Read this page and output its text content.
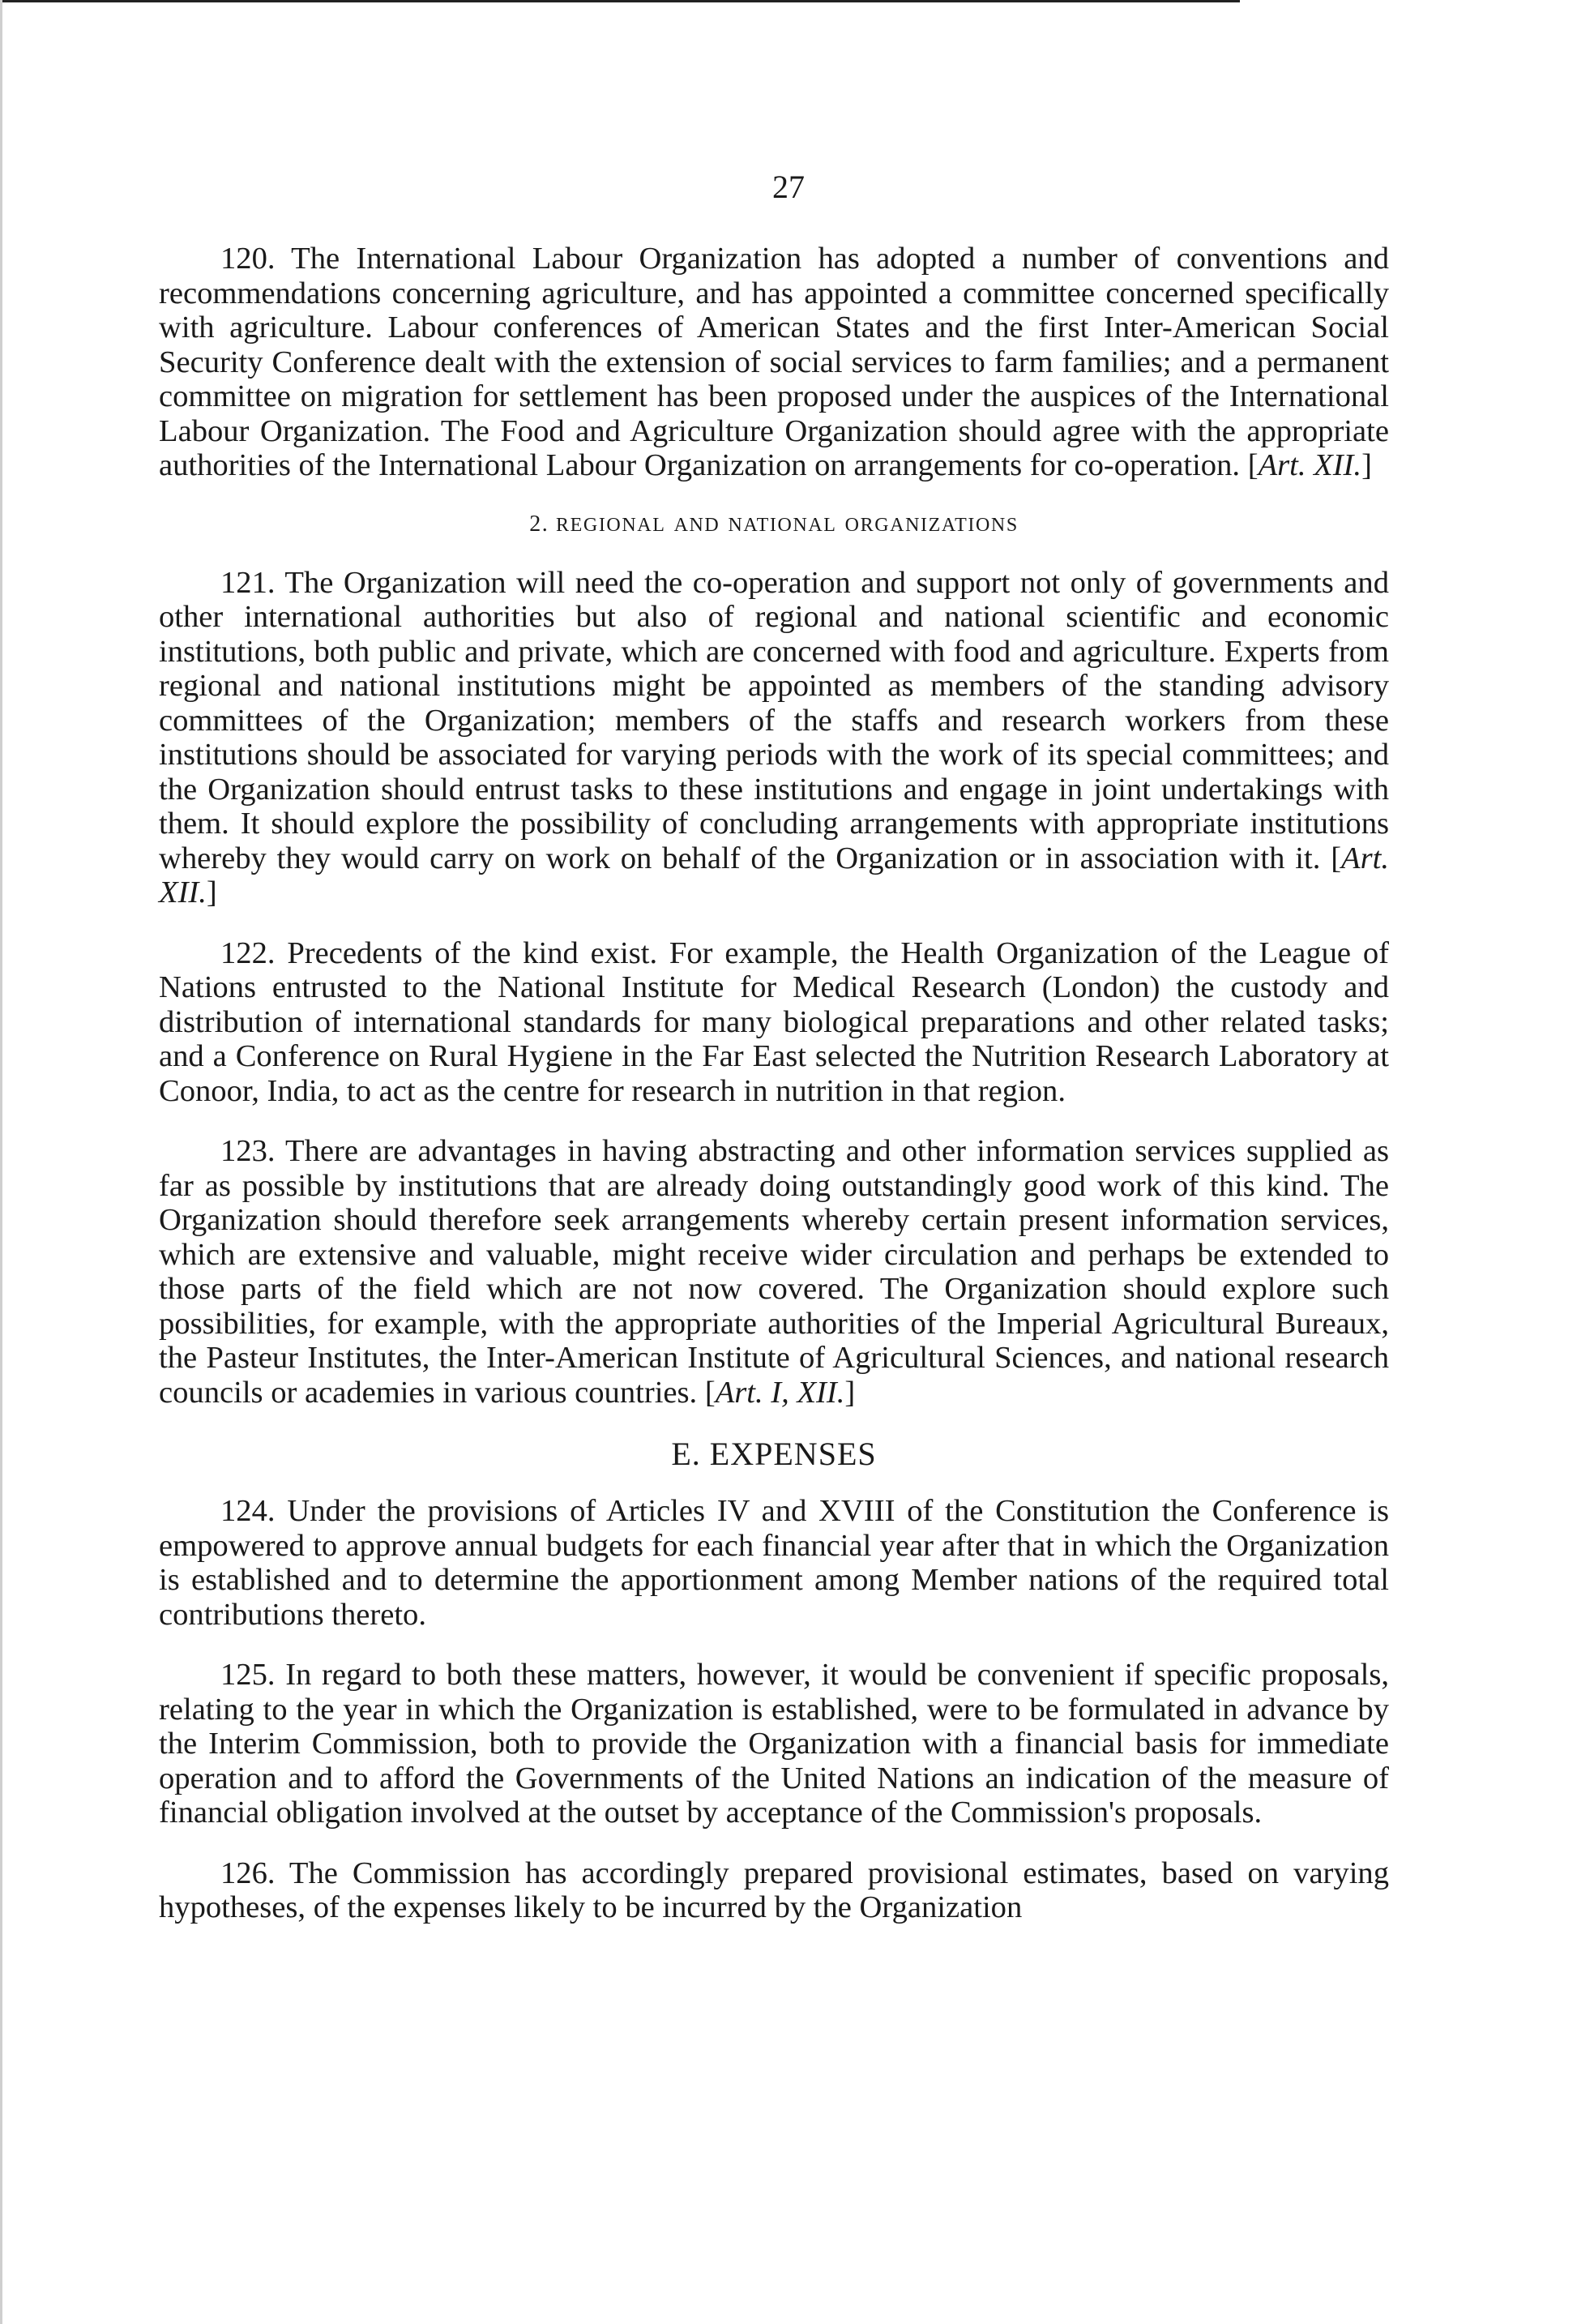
27

120. The International Labour Organization has adopted a number of conventions and recommendations concerning agriculture, and has appointed a committee concerned specifically with agriculture. Labour conferences of American States and the first Inter-American Social Security Conference dealt with the extension of social services to farm families; and a permanent committee on migration for settlement has been proposed under the auspices of the International Labour Organization. The Food and Agriculture Organization should agree with the appropriate authorities of the International Labour Organization on arrangements for co-operation. [Art. XII.]

2. regional and national organizations

121. The Organization will need the co-operation and support not only of governments and other international authorities but also of regional and national scientific and economic institutions, both public and private, which are concerned with food and agriculture. Experts from regional and national institutions might be appointed as members of the standing advisory committees of the Organization; members of the staffs and research workers from these institutions should be associated for varying periods with the work of its special committees; and the Organization should entrust tasks to these institutions and engage in joint undertakings with them. It should explore the possibility of concluding arrangements with appropriate institutions whereby they would carry on work on behalf of the Organization or in association with it. [Art. XII.]

122. Precedents of the kind exist. For example, the Health Organization of the League of Nations entrusted to the National Institute for Medical Research (London) the custody and distribution of international standards for many biological preparations and other related tasks; and a Conference on Rural Hygiene in the Far East selected the Nutrition Research Laboratory at Conoor, India, to act as the centre for research in nutrition in that region.

123. There are advantages in having abstracting and other information services supplied as far as possible by institutions that are already doing outstandingly good work of this kind. The Organization should therefore seek arrangements whereby certain present information services, which are extensive and valuable, might receive wider circulation and perhaps be extended to those parts of the field which are not now covered. The Organization should explore such possibilities, for example, with the appropriate authorities of the Imperial Agricultural Bureaux, the Pasteur Institutes, the Inter-American Institute of Agricultural Sciences, and national research councils or academies in various countries. [Art. I, XII.]

E. EXPENSES

124. Under the provisions of Articles IV and XVIII of the Constitution the Conference is empowered to approve annual budgets for each financial year after that in which the Organization is established and to determine the apportionment among Member nations of the required total contributions thereto.

125. In regard to both these matters, however, it would be convenient if specific proposals, relating to the year in which the Organization is established, were to be formulated in advance by the Interim Commission, both to provide the Organization with a financial basis for immediate operation and to afford the Governments of the United Nations an indication of the measure of financial obligation involved at the outset by acceptance of the Commission's proposals.

126. The Commission has accordingly prepared provisional estimates, based on varying hypotheses, of the expenses likely to be incurred by the Organization
